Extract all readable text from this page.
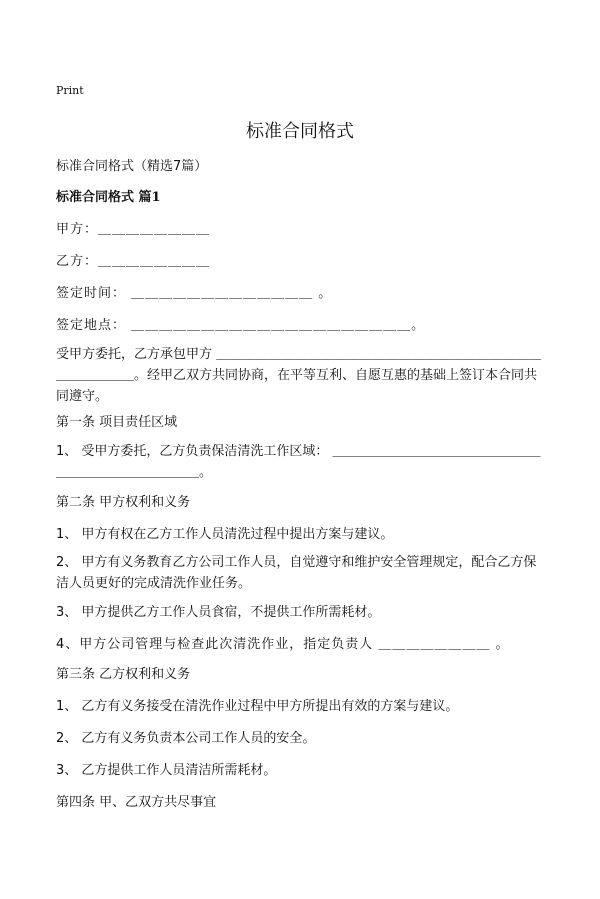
Print
标准合同格式
标准合同格式（精选7篇）
标准合同格式 篇1
甲方：＿＿＿＿＿＿＿＿
乙方：＿＿＿＿＿＿＿＿
签定时间： ＿＿＿＿＿＿＿＿＿＿＿＿＿ 。
签定地点： ＿＿＿＿＿＿＿＿＿＿＿＿＿＿＿＿＿＿＿＿。
受甲方委托，乙方承包甲方 ＿＿＿＿＿＿＿＿＿＿＿＿＿＿＿＿＿＿＿＿＿＿＿＿＿＿＿＿＿＿＿。经甲乙双方共同协商，在平等互利、自愿互惠的基础上签订本合同共同遵守。
第一条 项目责任区域
1、 受甲方委托，乙方负责保洁清洗工作区域： ＿＿＿＿＿＿＿＿＿＿＿＿＿＿＿＿＿＿＿＿＿＿＿＿＿＿＿。
第二条 甲方权利和义务
1、 甲方有权在乙方工作人员清洗过程中提出方案与建议。
2、 甲方有义务教育乙方公司工作人员，自觉遵守和维护安全管理规定，配合乙方保洁人员更好的完成清洗作业任务。
3、 甲方提供乙方工作人员食宿，不提供工作所需耗材。
4、甲方公司管理与检查此次清洗作业，指定负责人 ＿＿＿＿＿＿＿＿ 。
第三条 乙方权利和义务
1、 乙方有义务接受在清洗作业过程中甲方所提出有效的方案与建议。
2、 乙方有义务负责本公司工作人员的安全。
3、 乙方提供工作人员清洁所需耗材。
第四条 甲、乙双方共尽事宜
